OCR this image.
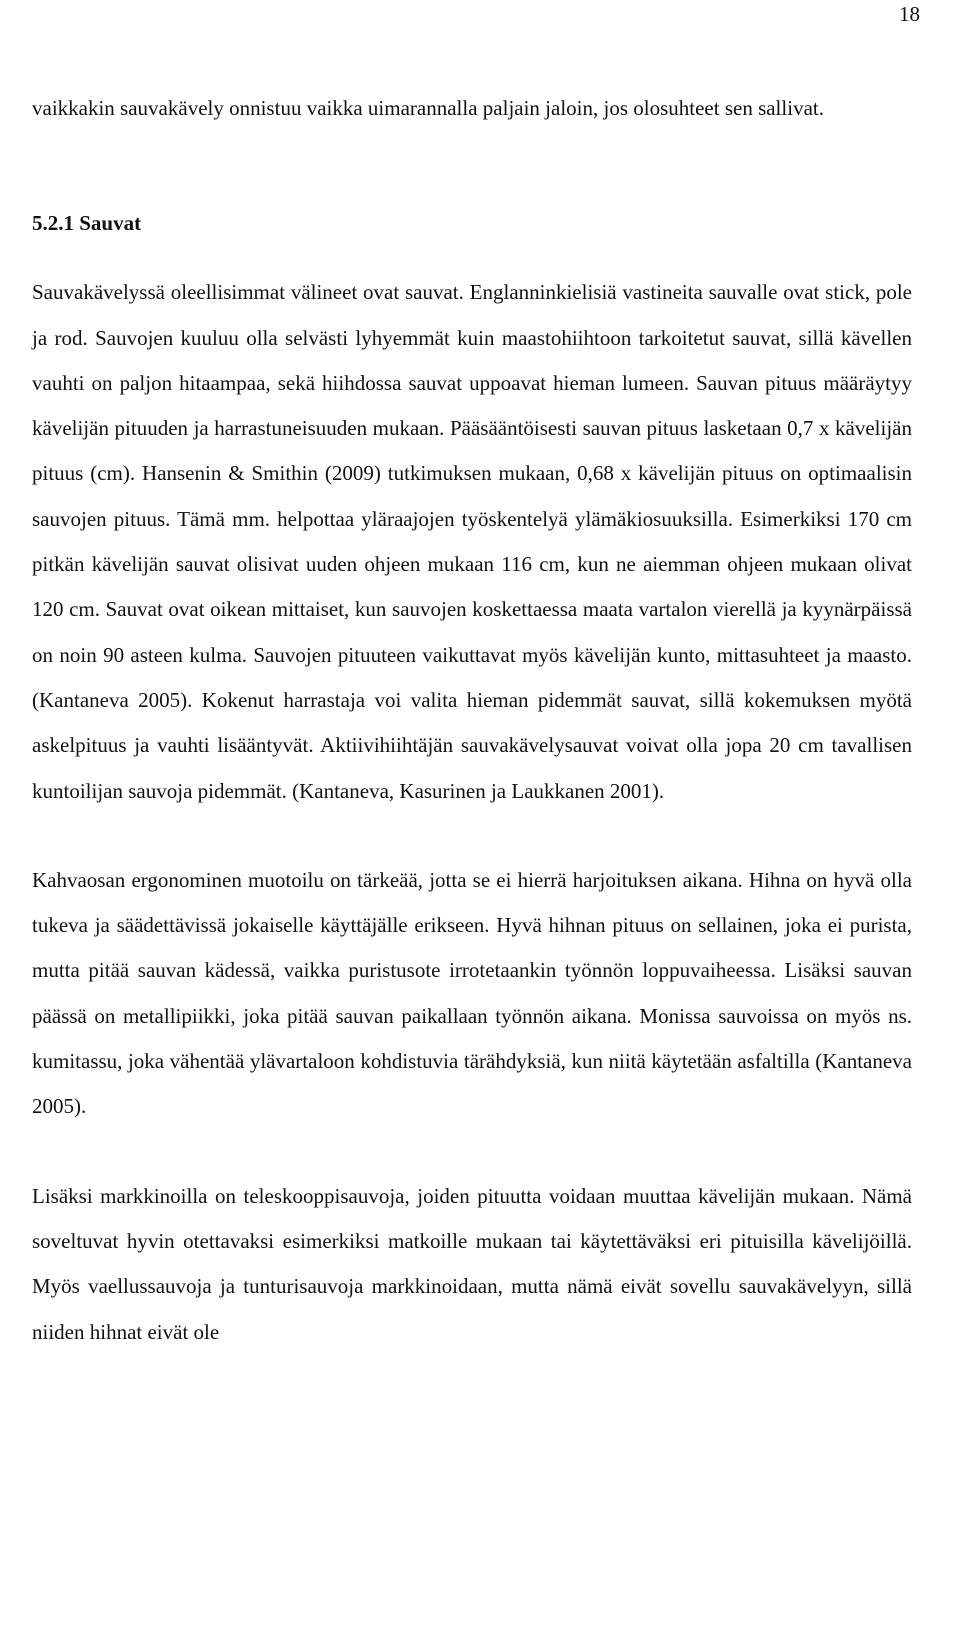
18

vaikkakin sauvakävely onnistuu vaikka uimarannalla paljain jaloin, jos olosuhteet sen sallivat.

5.2.1 Sauvat

Sauvakävelyssä oleellisimmat välineet ovat sauvat. Englanninkielisiä vastineita sauvalle ovat stick, pole ja rod. Sauvojen kuuluu olla selvästi lyhyemmät kuin maastohiihtoon tarkoitetut sauvat, sillä kävellen vauhti on paljon hitaampaa, sekä hiihdossa sauvat uppoavat hieman lumeen. Sauvan pituus määräytyy kävelijän pituuden ja harrastuneisuuden mukaan. Pääsääntöisesti sauvan pituus lasketaan 0,7 x kävelijän pituus (cm). Hansenin & Smithin (2009) tutkimuksen mukaan, 0,68 x kävelijän pituus on optimaalisin sauvojen pituus. Tämä mm. helpottaa yläraajojen työskentelyä ylämäkiosuuksilla. Esimerkiksi 170 cm pitkän kävelijän sauvat olisivat uuden ohjeen mukaan 116 cm, kun ne aiemman ohjeen mukaan olivat 120 cm. Sauvat ovat oikean mittaiset, kun sauvojen koskettaessa maata vartalon vierellä ja kyynärpäissä on noin 90 asteen kulma. Sauvojen pituuteen vaikuttavat myös kävelijän kunto, mittasuhteet ja maasto. (Kantaneva 2005). Kokenut harrastaja voi valita hieman pidemmät sauvat, sillä kokemuksen myötä askelpituus ja vauhti lisääntyvät. Aktiivihiihtäjän sauvakävelysauvat voivat olla jopa 20 cm tavallisen kuntoilijan sauvoja pidemmät. (Kantaneva, Kasurinen ja Laukkanen 2001).

Kahvaosan ergonominen muotoilu on tärkeää, jotta se ei hierrä harjoituksen aikana. Hihna on hyvä olla tukeva ja säädettävissä jokaiselle käyttäjälle erikseen. Hyvä hihnan pituus on sellainen, joka ei purista, mutta pitää sauvan kädessä, vaikka puristusote irrotetaankin työnnön loppuvaiheessa. Lisäksi sauvan päässä on metallipiikki, joka pitää sauvan paikallaan työnnön aikana. Monissa sauvoissa on myös ns. kumitassu, joka vähentää ylävartaloon kohdistuvia tärähdyksiä, kun niitä käytetään asfaltilla (Kantaneva 2005).

Lisäksi markkinoilla on teleskooppisauvoja, joiden pituutta voidaan muuttaa kävelijän mukaan. Nämä soveltuvat hyvin otettavaksi esimerkiksi matkoille mukaan tai käytettäväksi eri pituisilla kävelijöillä. Myös vaellussauvoja ja tunturisauvoja markkinoidaan, mutta nämä eivät sovellu sauvakävelyyn, sillä niiden hihnat eivät ole
